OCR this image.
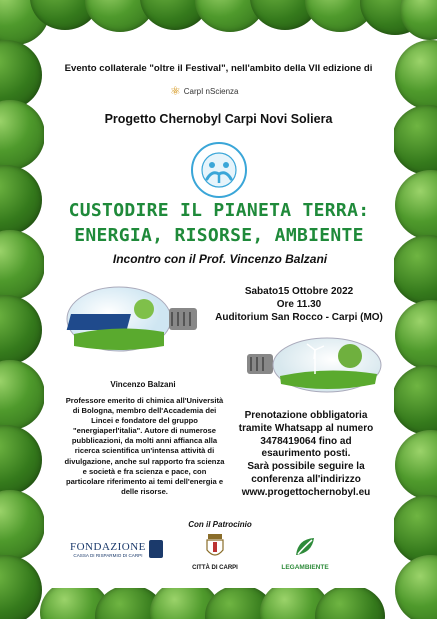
Evento collaterale "oltre il Festival", nell'ambito della VII edizione di
⚛ CarpI nScienza
Progetto Chernobyl Carpi Novi Soliera
CUSTODIRE IL PIANETA TERRA:
ENERGIA, RISORSE, AMBIENTE
Incontro con il Prof. Vincenzo Balzani
Sabato15 Ottobre 2022
Ore 11.30
Auditorium San Rocco - Carpi (MO)
Vincenzo Balzani
Professore emerito di chimica all'Università di Bologna, membro dell'Accademia dei Lincei e fondatore del gruppo "energiaperl'italia". Autore di numerose pubblicazioni, da molti anni affianca alla ricerca scientifica un'intensa attività di divulgazione, anche sul rapporto fra scienza e società e fra scienza e pace, con particolare riferimento ai temi dell'energia e delle risorse.
Prenotazione obbligatoria
tramite Whatsapp al numero
3478419064 fino ad
esaurimento posti.
Sarà possibile seguire la
conferenza all'indirizzo
www.progettochernobyl.eu
Con il Patrocinio
FONDAZIONE
CASSA DI RISPARMIO DI CARPI
CITTÀ DI CARPI	LEGAMBIENTE
